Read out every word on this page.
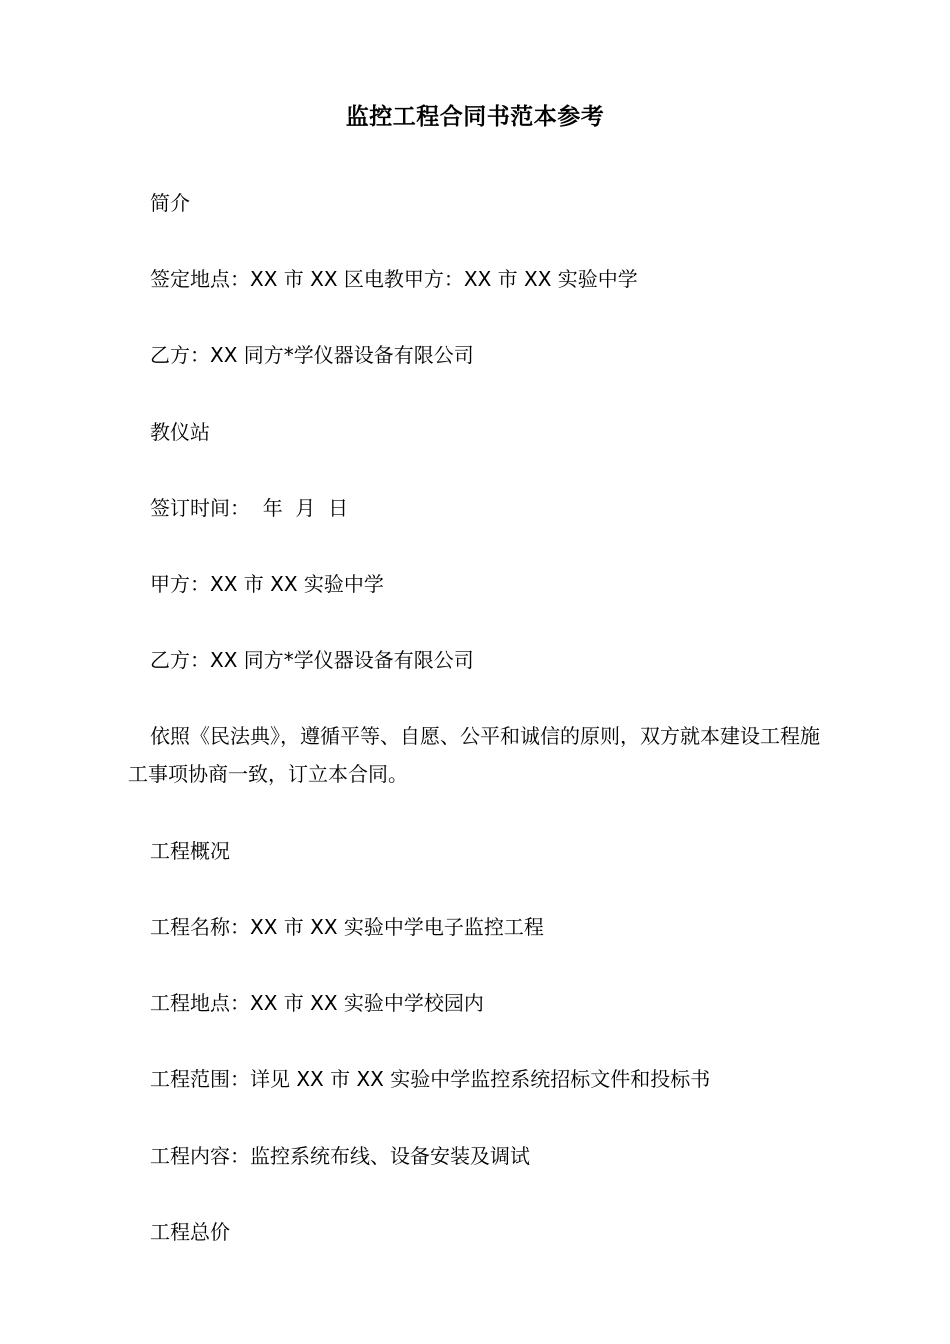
监控工程合同书范本参考

简介

签定地点：XX 市 XX 区电教甲方：XX 市 XX 实验中学

乙方：XX 同方*学仪器设备有限公司

教仪站

签订时间：  年  月  日

甲方：XX 市 XX 实验中学

乙方：XX 同方*学仪器设备有限公司

依照《民法典》，遵循平等、自愿、公平和诚信的原则，双方就本建设工程施工事项协商一致，订立本合同。

工程概况

工程名称：XX 市 XX 实验中学电子监控工程

工程地点：XX 市 XX 实验中学校园内

工程范围：详见 XX 市 XX 实验中学监控系统招标文件和投标书

工程内容：监控系统布线、设备安装及调试

工程总价
